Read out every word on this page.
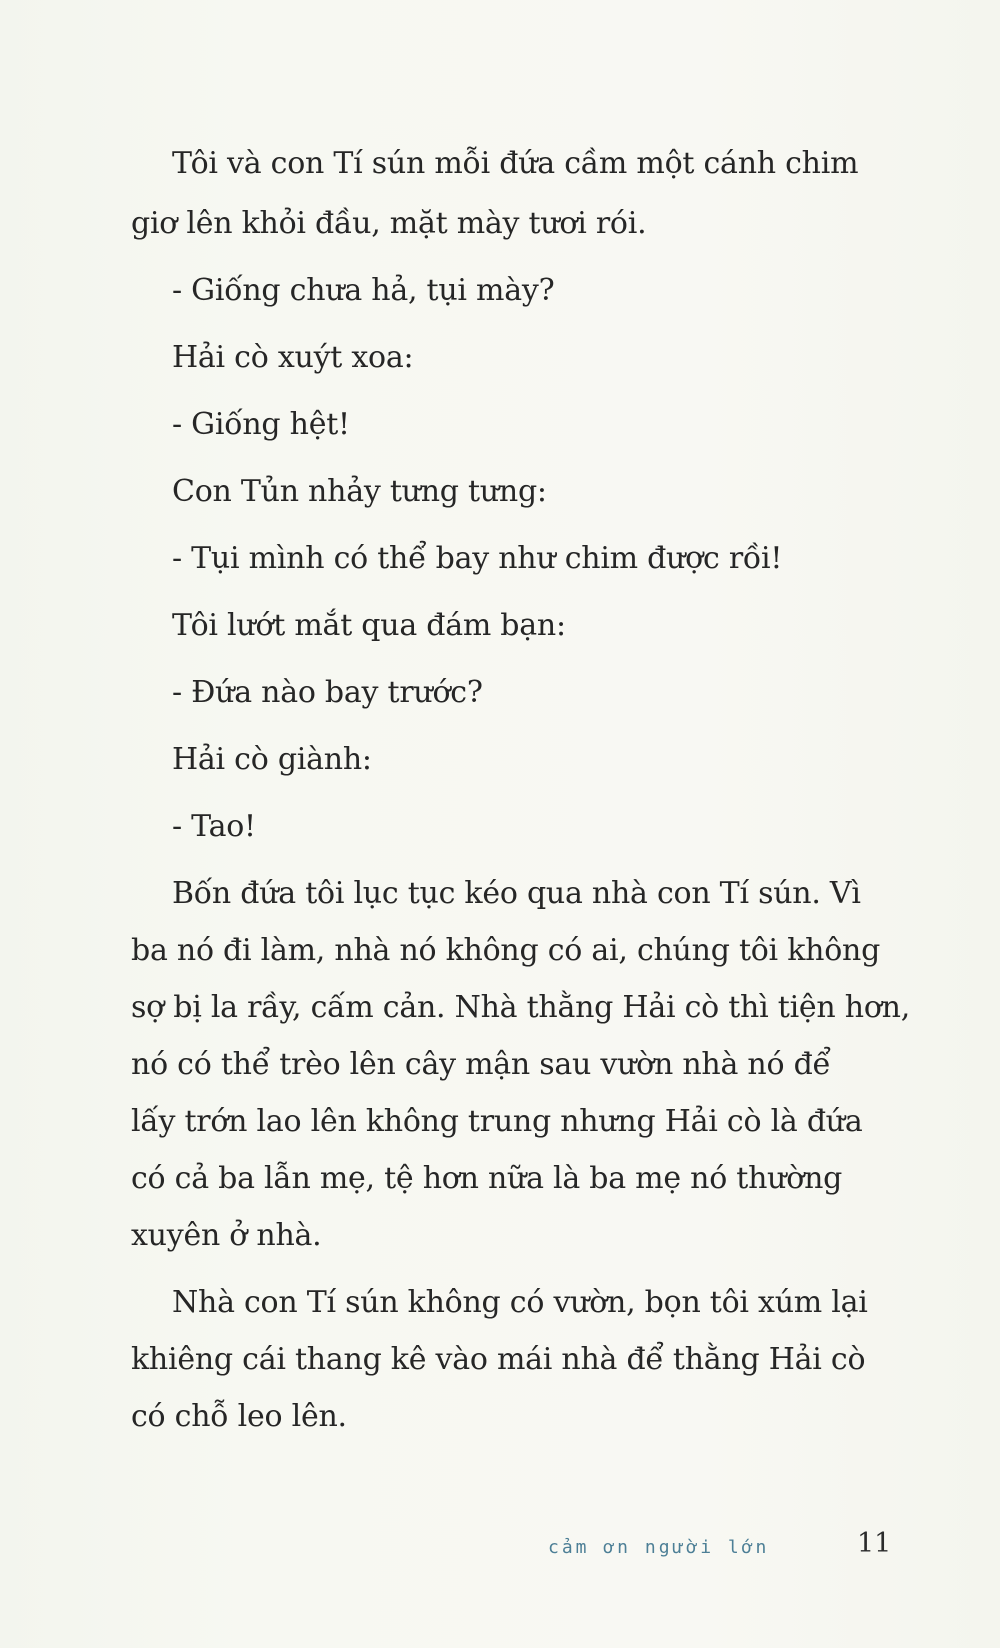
Tôi và con Tí sún mỗi đứa cầm một cánh chim
giơ lên khỏi đầu, mặt mày tươi rói.
- Giống chưa hả, tụi mày?
Hải cò xuýt xoa:
- Giống hệt!
Con Tủn nhảy tưng tưng:
- Tụi mình có thể bay như chim được rồi!
Tôi lướt mắt qua đám bạn:
- Đứa nào bay trước?
Hải cò giành:
- Tao!
Bốn đứa tôi lục tục kéo qua nhà con Tí sún. Vì
ba nó đi làm, nhà nó không có ai, chúng tôi không
sợ bị la rầy, cấm cản. Nhà thằng Hải cò thì tiện hơn,
nó có thể trèo lên cây mận sau vườn nhà nó để
lấy trớn lao lên không trung nhưng Hải cò là đứa
có cả ba lẫn mẹ, tệ hơn nữa là ba mẹ nó thường
xuyên ở nhà.
Nhà con Tí sún không có vườn, bọn tôi xúm lại
khiêng cái thang kê vào mái nhà để thằng Hải cò
có chỗ leo lên.
cảm ơn người lớn	11
